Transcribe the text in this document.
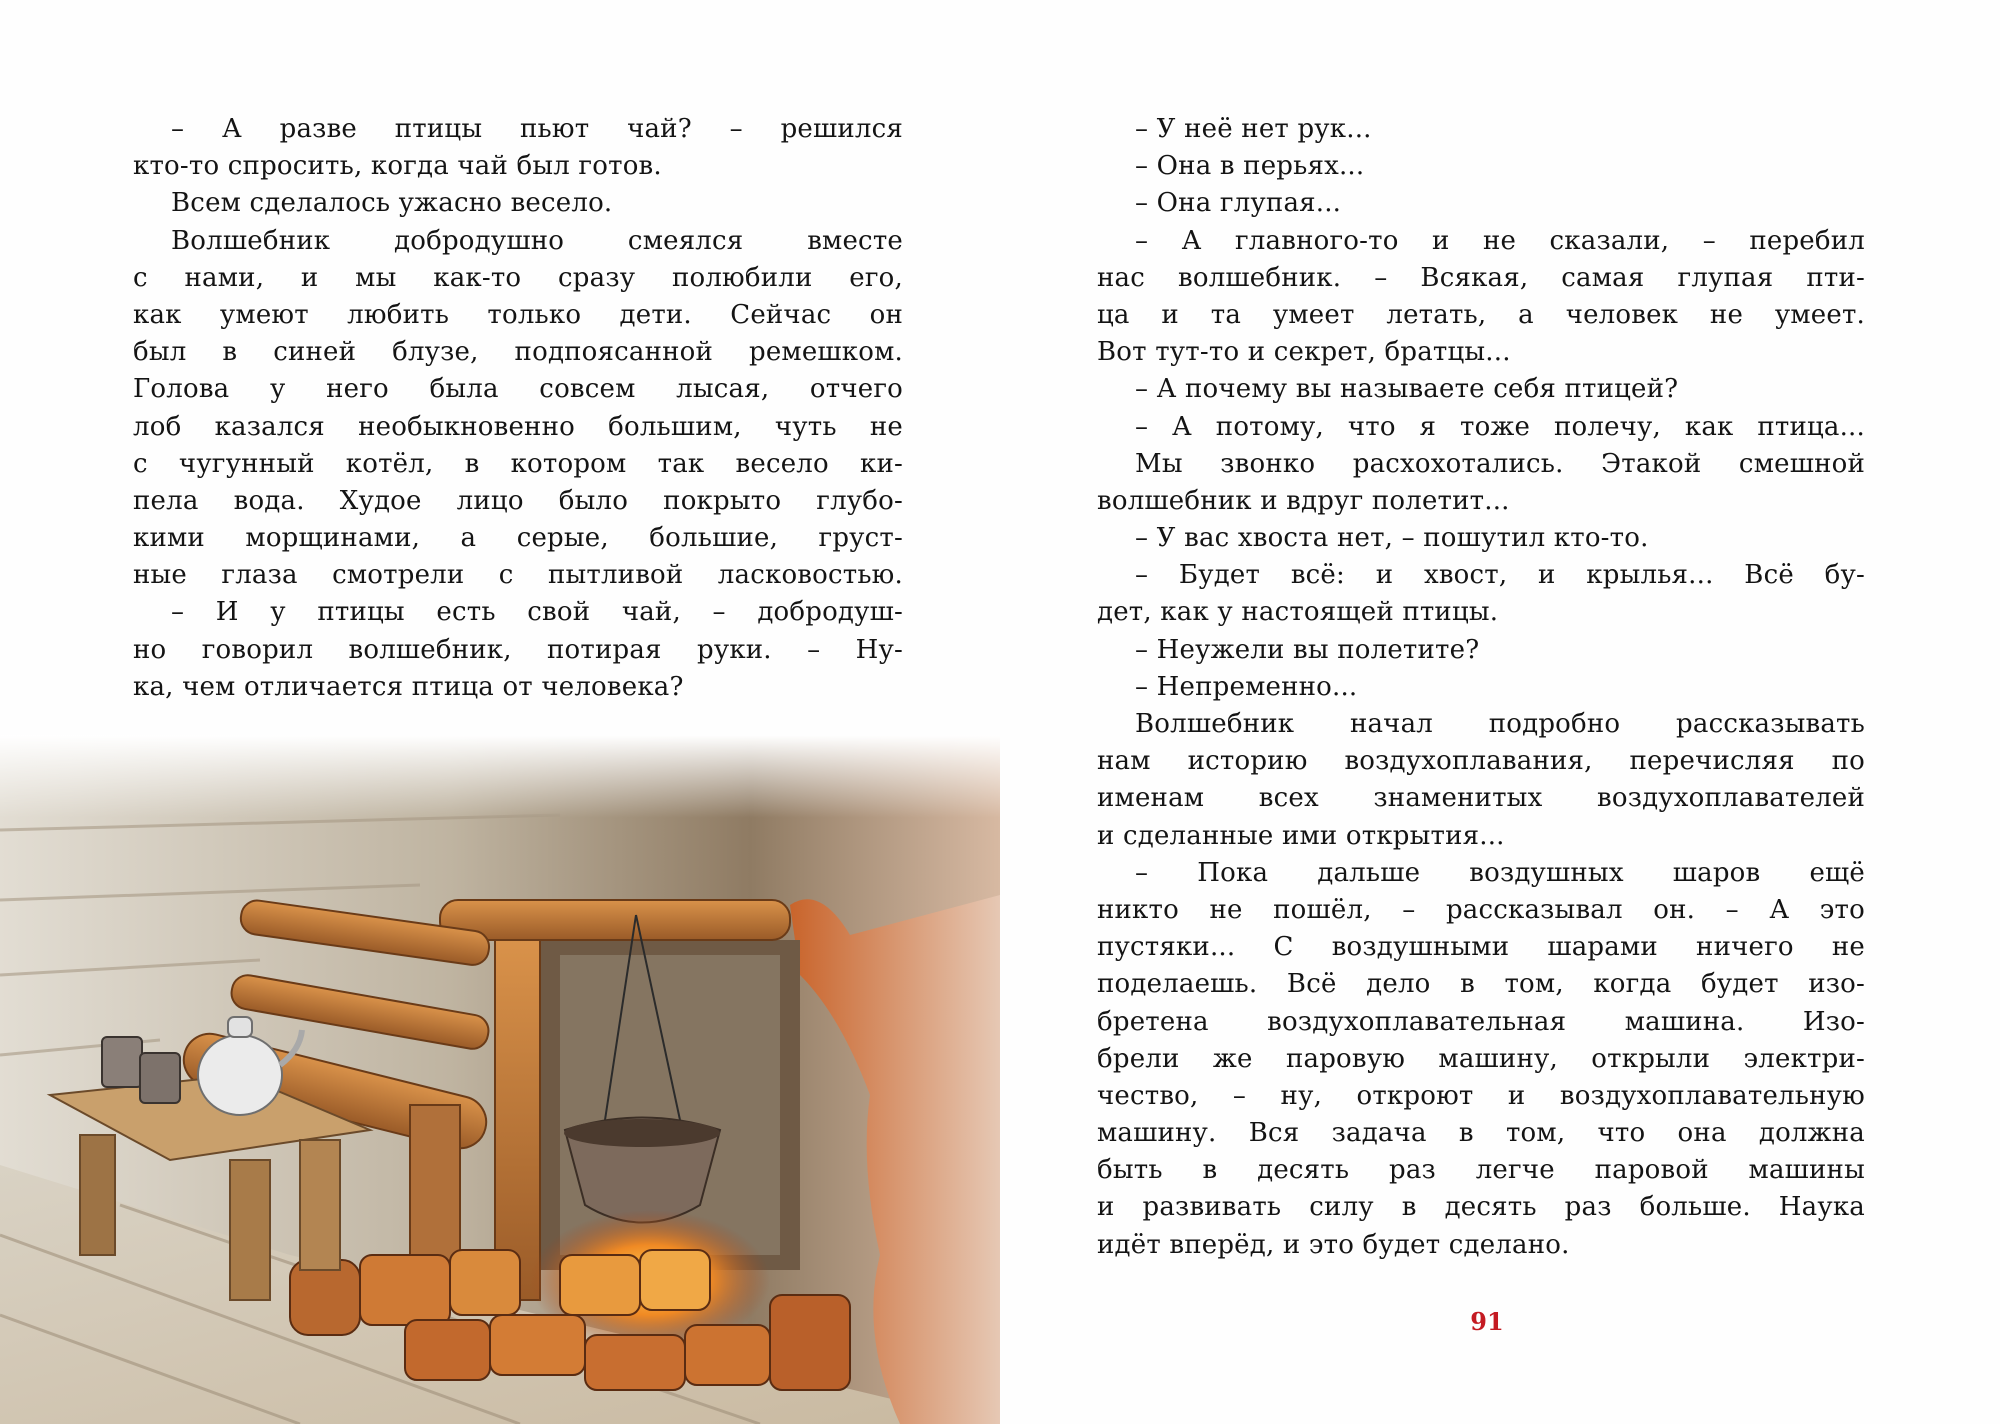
– А разве птицы пьют чай? – решился
кто-то спросить, когда чай был готов.
Всем сделалось ужасно весело.
Волшебник добродушно смеялся вместе
с нами, и мы как-то сразу полюбили его,
как умеют любить только дети. Сейчас он
был в синей блузе, подпоясанной ремешком.
Голова у него была совсем лысая, отчего
лоб казался необыкновенно большим, чуть не
с чугунный котёл, в котором так весело ки-
пела вода. Худое лицо было покрыто глубо-
кими морщинами, а серые, большие, груст-
ные глаза смотрели с пытливой ласковостью.
– И у птицы есть свой чай, – добродуш-
но говорил волшебник, потирая руки. – Ну-
ка, чем отличается птица от человека?
– У неё нет рук...
– Она в перьях...
– Она глупая...
– А главного-то и не сказали, – перебил
нас волшебник. – Всякая, самая глупая пти-
ца и та умеет летать, а человек не умеет.
Вот тут-то и секрет, братцы...
– А почему вы называете себя птицей?
– А потому, что я тоже полечу, как птица...
Мы звонко расхохотались. Этакой смешной
волшебник и вдруг полетит...
– У вас хвоста нет, – пошутил кто-то.
– Будет всё: и хвост, и крылья... Всё бу-
дет, как у настоящей птицы.
– Неужели вы полетите?
– Непременно...
Волшебник начал подробно рассказывать
нам историю воздухоплавания, перечисляя по
именам всех знаменитых воздухоплавателей
и сделанные ими открытия...
– Пока дальше воздушных шаров ещё
никто не пошёл, – рассказывал он. – А это
пустяки... С воздушными шарами ничего не
поделаешь. Всё дело в том, когда будет изо-
бретена воздухоплавательная машина. Изо-
брели же паровую машину, открыли электри-
чество, – ну, откроют и воздухоплавательную
машину. Вся задача в том, что она должна
быть в десять раз легче паровой машины
и развивать силу в десять раз больше. Наука
идёт вперёд, и это будет сделано.
91
